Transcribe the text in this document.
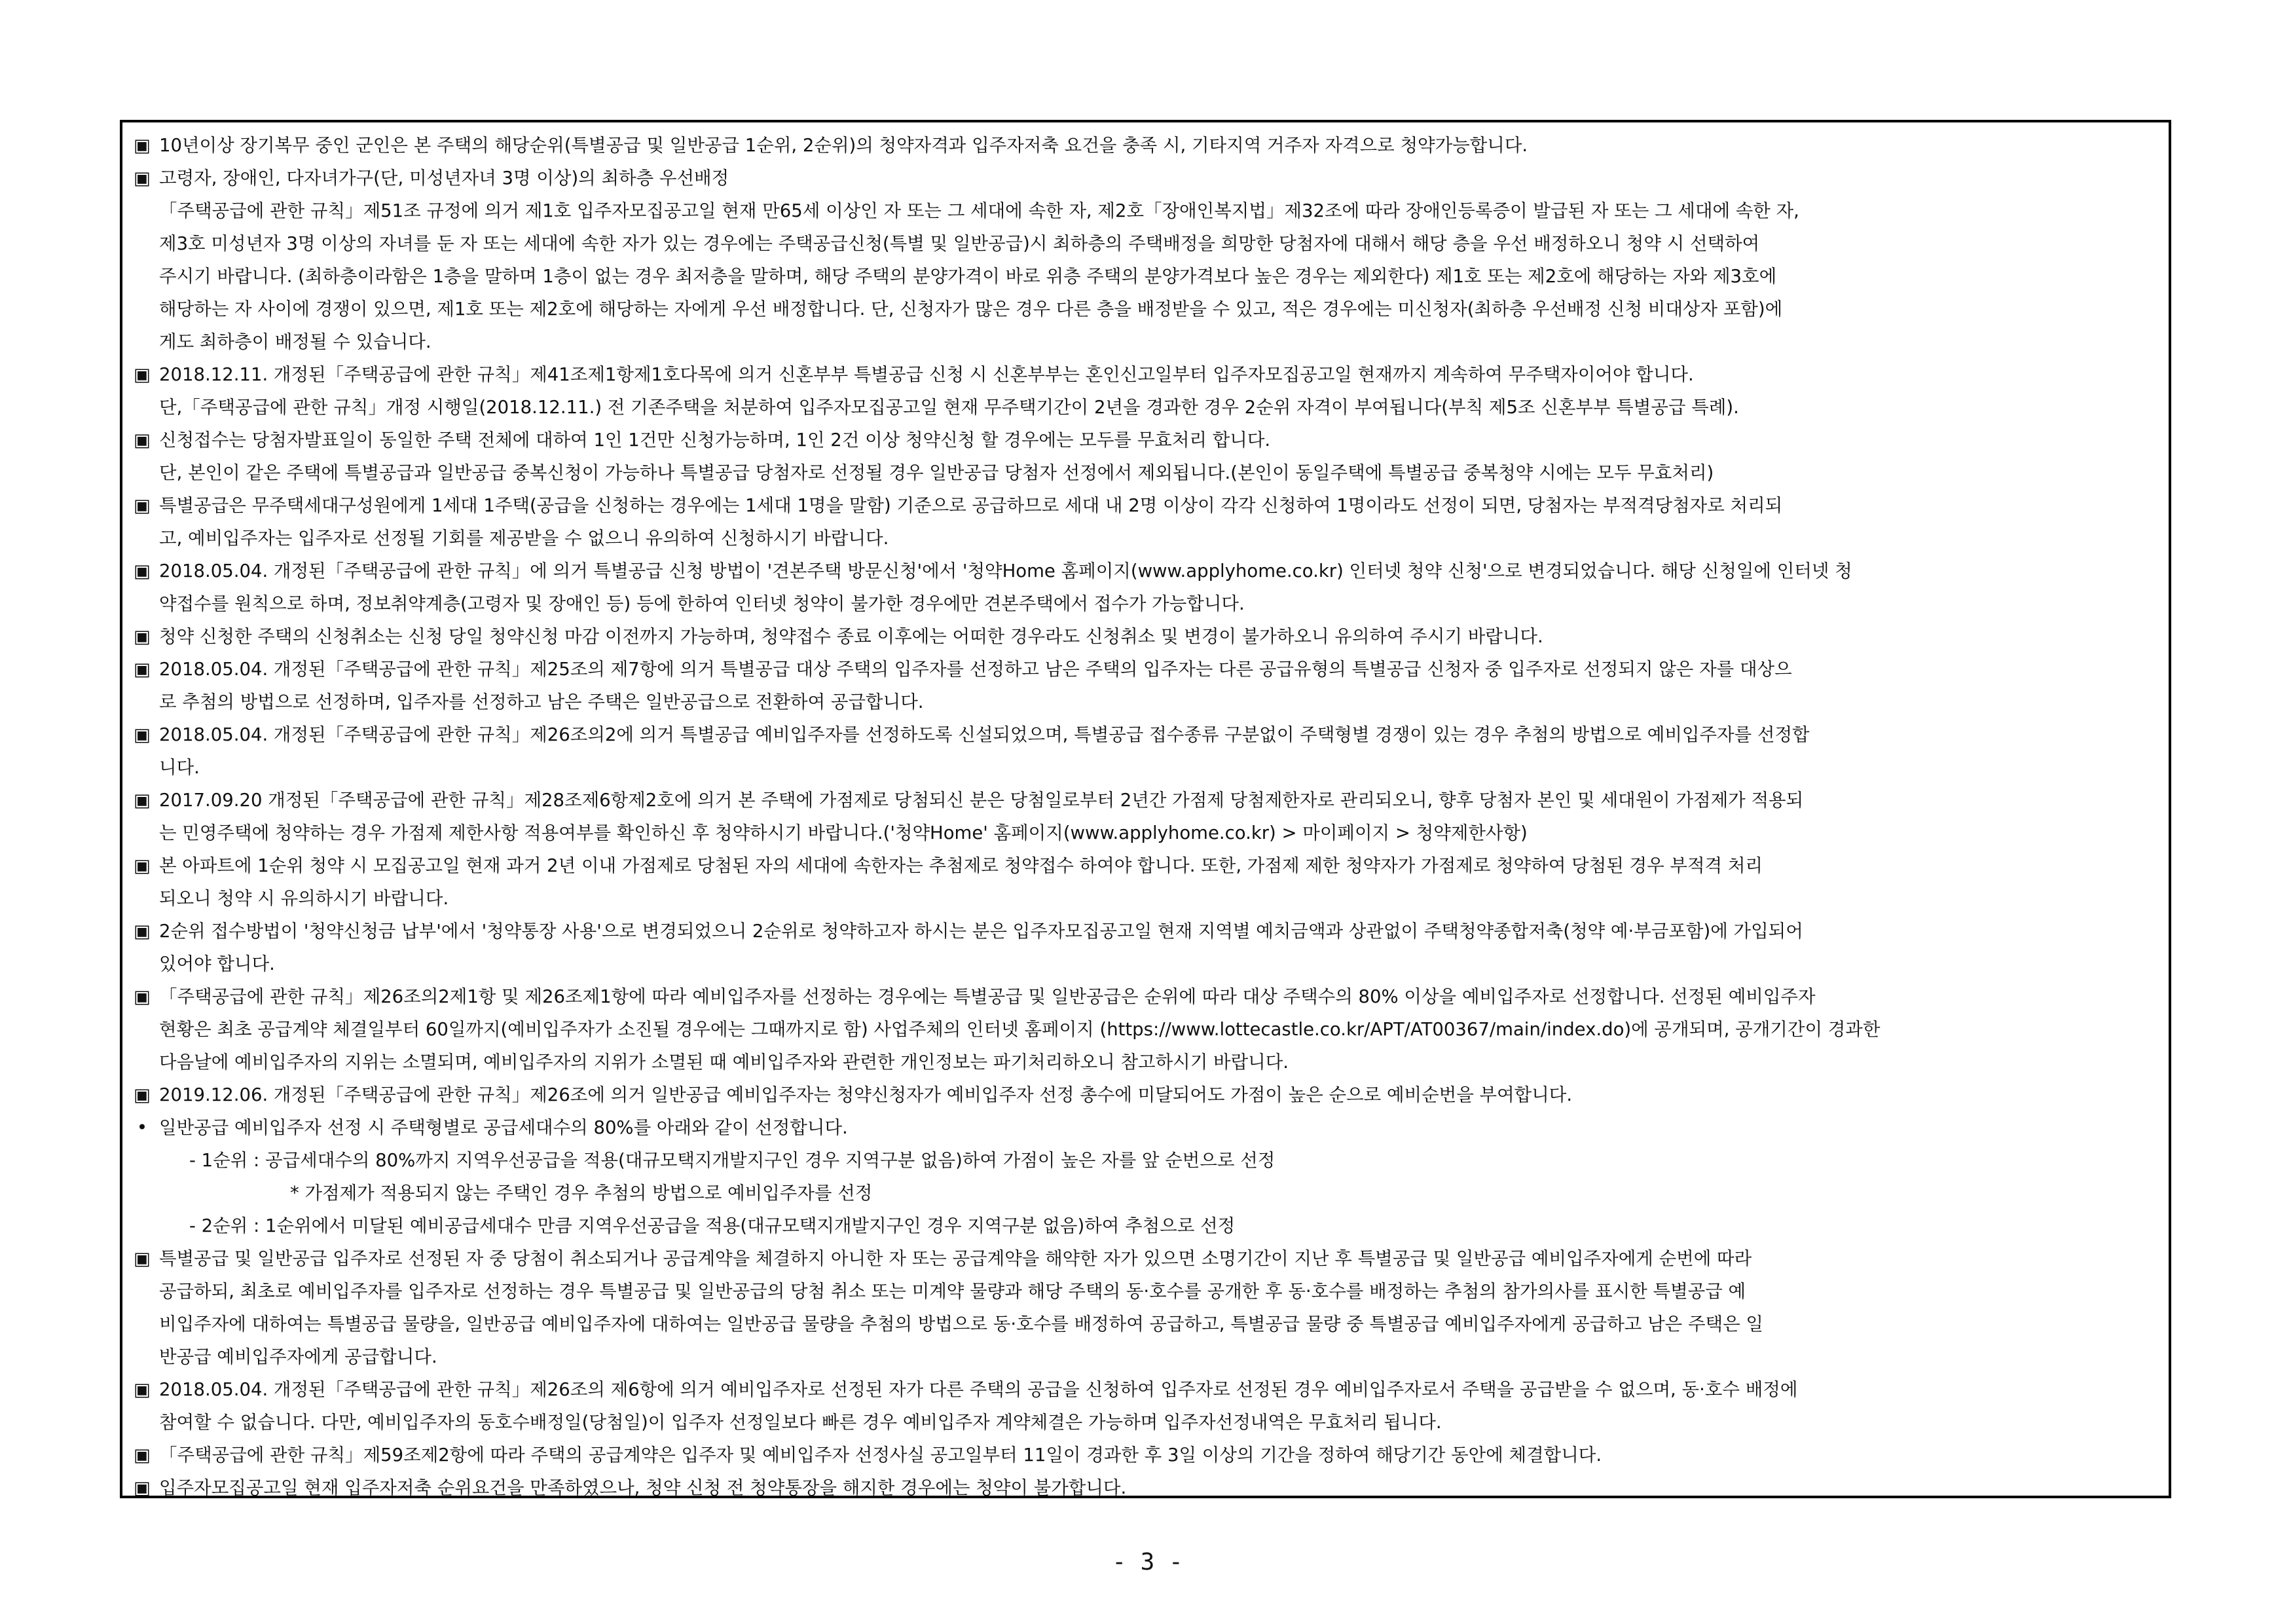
▣ 10년이상 장기복무 중인 군인은 본 주택의 해당순위(특별공급 및 일반공급 1순위, 2순위)의 청약자격과 입주자저축 요건을 충족 시, 기타지역 거주자 자격으로 청약가능합니다.
▣ 고령자, 장애인, 다자녀가구(단, 미성년자녀 3명 이상)의 최하층 우선배정
「주택공급에 관한 규칙」제51조 규정에 의거 제1호 입주자모집공고일 현재 만65세 이상인 자 또는 그 세대에 속한 자, 제2호「장애인복지법」제32조에 따라 장애인등록증이 발급된 자 또는 그 세대에 속한 자,
제3호 미성년자 3명 이상의 자녀를 둔 자 또는 세대에 속한 자가 있는 경우에는 주택공급신청(특별 및 일반공급)시 최하층의 주택배정을 희망한 당첨자에 대해서 해당 층을 우선 배정하오니 청약 시 선택하여
주시기 바랍니다. (최하층이라함은 1층을 말하며 1층이 없는 경우 최저층을 말하며, 해당 주택의 분양가격이 바로 위층 주택의 분양가격보다 높은 경우는 제외한다) 제1호 또는 제2호에 해당하는 자와 제3호에
해당하는 자 사이에 경쟁이 있으면, 제1호 또는 제2호에 해당하는 자에게 우선 배정합니다. 단, 신청자가 많은 경우 다른 층을 배정받을 수 있고, 적은 경우에는 미신청자(최하층 우선배정 신청 비대상자 포함)에
게도 최하층이 배정될 수 있습니다.
▣ 2018.12.11. 개정된「주택공급에 관한 규칙」제41조제1항제1호다목에 의거 신혼부부 특별공급 신청 시 신혼부부는 혼인신고일부터 입주자모집공고일 현재까지 계속하여 무주택자이어야 합니다.
단,「주택공급에 관한 규칙」개정 시행일(2018.12.11.) 전 기존주택을 처분하여 입주자모집공고일 현재 무주택기간이 2년을 경과한 경우 2순위 자격이 부여됩니다(부칙 제5조 신혼부부 특별공급 특례).
▣ 신청접수는 당첨자발표일이 동일한 주택 전체에 대하여 1인 1건만 신청가능하며, 1인 2건 이상 청약신청 할 경우에는 모두를 무효처리 합니다.
단, 본인이 같은 주택에 특별공급과 일반공급 중복신청이 가능하나 특별공급 당첨자로 선정될 경우 일반공급 당첨자 선정에서 제외됩니다.(본인이 동일주택에 특별공급 중복청약 시에는 모두 무효처리)
▣ 특별공급은 무주택세대구성원에게 1세대 1주택(공급을 신청하는 경우에는 1세대 1명을 말함) 기준으로 공급하므로 세대 내 2명 이상이 각각 신청하여 1명이라도 선정이 되면, 당첨자는 부적격당첨자로 처리되
고, 예비입주자는 입주자로 선정될 기회를 제공받을 수 없으니 유의하여 신청하시기 바랍니다.
▣ 2018.05.04. 개정된「주택공급에 관한 규칙」에 의거 특별공급 신청 방법이 '견본주택 방문신청'에서 '청약Home 홈페이지(www.applyhome.co.kr) 인터넷 청약 신청'으로 변경되었습니다. 해당 신청일에 인터넷 청
약접수를 원칙으로 하며, 정보취약계층(고령자 및 장애인 등) 등에 한하여 인터넷 청약이 불가한 경우에만 견본주택에서 접수가 가능합니다.
▣ 청약 신청한 주택의 신청취소는 신청 당일 청약신청 마감 이전까지 가능하며, 청약접수 종료 이후에는 어떠한 경우라도 신청취소 및 변경이 불가하오니 유의하여 주시기 바랍니다.
▣ 2018.05.04. 개정된「주택공급에 관한 규칙」제25조의 제7항에 의거 특별공급 대상 주택의 입주자를 선정하고 남은 주택의 입주자는 다른 공급유형의 특별공급 신청자 중 입주자로 선정되지 않은 자를 대상으
로 추첨의 방법으로 선정하며, 입주자를 선정하고 남은 주택은 일반공급으로 전환하여 공급합니다.
▣ 2018.05.04. 개정된「주택공급에 관한 규칙」제26조의2에 의거 특별공급 예비입주자를 선정하도록 신설되었으며, 특별공급 접수종류 구분없이 주택형별 경쟁이 있는 경우 추첨의 방법으로 예비입주자를 선정합
니다.
▣ 2017.09.20 개정된「주택공급에 관한 규칙」제28조제6항제2호에 의거 본 주택에 가점제로 당첨되신 분은 당첨일로부터 2년간 가점제 당첨제한자로 관리되오니, 향후 당첨자 본인 및 세대원이 가점제가 적용되
는 민영주택에 청약하는 경우 가점제 제한사항 적용여부를 확인하신 후 청약하시기 바랍니다.('청약Home' 홈페이지(www.applyhome.co.kr) > 마이페이지 > 청약제한사항)
▣ 본 아파트에 1순위 청약 시 모집공고일 현재 과거 2년 이내 가점제로 당첨된 자의 세대에 속한자는 추첨제로 청약접수 하여야 합니다. 또한, 가점제 제한 청약자가 가점제로 청약하여 당첨된 경우 부적격 처리
되오니 청약 시 유의하시기 바랍니다.
▣ 2순위 접수방법이 '청약신청금 납부'에서 '청약통장 사용'으로 변경되었으니 2순위로 청약하고자 하시는 분은 입주자모집공고일 현재 지역별 예치금액과 상관없이 주택청약종합저축(청약 예·부금포함)에 가입되어
있어야 합니다.
▣ 「주택공급에 관한 규칙」제26조의2제1항 및 제26조제1항에 따라 예비입주자를 선정하는 경우에는 특별공급 및 일반공급은 순위에 따라 대상 주택수의 80% 이상을 예비입주자로 선정합니다. 선정된 예비입주자
현황은 최초 공급계약 체결일부터 60일까지(예비입주자가 소진될 경우에는 그때까지로 함) 사업주체의 인터넷 홈페이지 (https://www.lottecastle.co.kr/APT/AT00367/main/index.do)에 공개되며, 공개기간이 경과한
다음날에 예비입주자의 지위는 소멸되며, 예비입주자의 지위가 소멸된 때 예비입주자와 관련한 개인정보는 파기처리하오니 참고하시기 바랍니다.
▣ 2019.12.06. 개정된「주택공급에 관한 규칙」제26조에 의거 일반공급 예비입주자는 청약신청자가 예비입주자 선정 총수에 미달되어도 가점이 높은 순으로 예비순번을 부여합니다.
• 일반공급 예비입주자 선정 시 주택형별로 공급세대수의 80%를 아래와 같이 선정합니다.
- 1순위 : 공급세대수의 80%까지 지역우선공급을 적용(대규모택지개발지구인 경우 지역구분 없음)하여 가점이 높은 자를 앞 순번으로 선정
* 가점제가 적용되지 않는 주택인 경우 추첨의 방법으로 예비입주자를 선정
- 2순위 : 1순위에서 미달된 예비공급세대수 만큼 지역우선공급을 적용(대규모택지개발지구인 경우 지역구분 없음)하여 추첨으로 선정
▣ 특별공급 및 일반공급 입주자로 선정된 자 중 당첨이 취소되거나 공급계약을 체결하지 아니한 자 또는 공급계약을 해약한 자가 있으면 소명기간이 지난 후 특별공급 및 일반공급 예비입주자에게 순번에 따라
공급하되, 최초로 예비입주자를 입주자로 선정하는 경우 특별공급 및 일반공급의 당첨 취소 또는 미계약 물량과 해당 주택의 동·호수를 공개한 후 동·호수를 배정하는 추첨의 참가의사를 표시한 특별공급 예
비입주자에 대하여는 특별공급 물량을, 일반공급 예비입주자에 대하여는 일반공급 물량을 추첨의 방법으로 동·호수를 배정하여 공급하고, 특별공급 물량 중 특별공급 예비입주자에게 공급하고 남은 주택은 일
반공급 예비입주자에게 공급합니다.
▣ 2018.05.04. 개정된「주택공급에 관한 규칙」제26조의 제6항에 의거 예비입주자로 선정된 자가 다른 주택의 공급을 신청하여 입주자로 선정된 경우 예비입주자로서 주택을 공급받을 수 없으며, 동·호수 배정에
참여할 수 없습니다. 다만, 예비입주자의 동호수배정일(당첨일)이 입주자 선정일보다 빠른 경우 예비입주자 계약체결은 가능하며 입주자선정내역은 무효처리 됩니다.
▣ 「주택공급에 관한 규칙」제59조제2항에 따라 주택의 공급계약은 입주자 및 예비입주자 선정사실 공고일부터 11일이 경과한 후 3일 이상의 기간을 정하여 해당기간 동안에 체결합니다.
▣ 입주자모집공고일 현재 입주자저축 순위요건을 만족하였으나, 청약 신청 전 청약통장을 해지한 경우에는 청약이 불가합니다.
- 3 -
